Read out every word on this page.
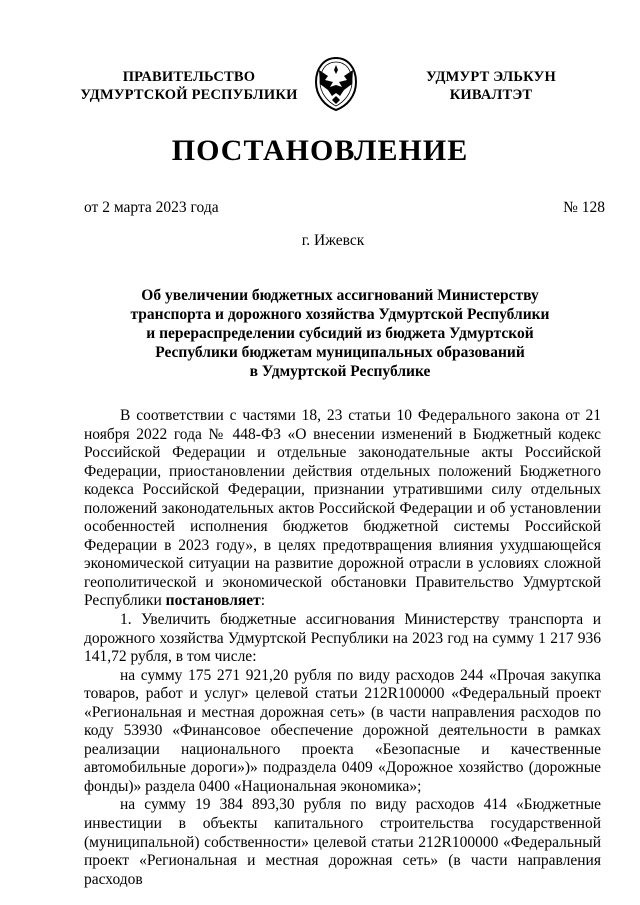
ПРАВИТЕЛЬСТВО
УДМУРТСКОЙ РЕСПУБЛИКИ
УДМУРТ ЭЛЬКУН
КИВАЛТЭТ
ПОСТАНОВЛЕНИЕ
от 2 марта 2023 года	№ 128
г. Ижевск
Об увеличении бюджетных ассигнований Министерству
транспорта и дорожного хозяйства Удмуртской Республики
и перераспределении субсидий из бюджета Удмуртской
Республики бюджетам муниципальных образований
в Удмуртской Республике

В соответствии с частями 18, 23 статьи 10 Федерального закона от 21 ноября 2022 года № 448-ФЗ «О внесении изменений в Бюджетный кодекс Российской Федерации и отдельные законодательные акты Российской Федерации, приостановлении действия отдельных положений Бюджетного кодекса Российской Федерации, признании утратившими силу отдельных положений законодательных актов Российской Федерации и об установлении особенностей исполнения бюджетов бюджетной системы Российской Федерации в 2023 году», в целях предотвращения влияния ухудшающейся экономической ситуации на развитие дорожной отрасли в условиях сложной геополитической и экономической обстановки Правительство Удмуртской Республики постановляет:

1. Увеличить бюджетные ассигнования Министерству транспорта и дорожного хозяйства Удмуртской Республики на 2023 год на сумму 1 217 936 141,72 рубля, в том числе:

на сумму 175 271 921,20 рубля по виду расходов 244 «Прочая закупка товаров, работ и услуг» целевой статьи 212R100000 «Федеральный проект «Региональная и местная дорожная сеть» (в части направления расходов по коду 53930 «Финансовое обеспечение дорожной деятельности в рамках реализации национального проекта «Безопасные и качественные автомобильные дороги»)» подраздела 0409 «Дорожное хозяйство (дорожные фонды)» раздела 0400 «Национальная экономика»;

на сумму 19 384 893,30 рубля по виду расходов 414 «Бюджетные инвестиции в объекты капитального строительства государственной (муниципальной) собственности» целевой статьи 212R100000 «Федеральный проект «Региональная и местная дорожная сеть» (в части направления расходов
